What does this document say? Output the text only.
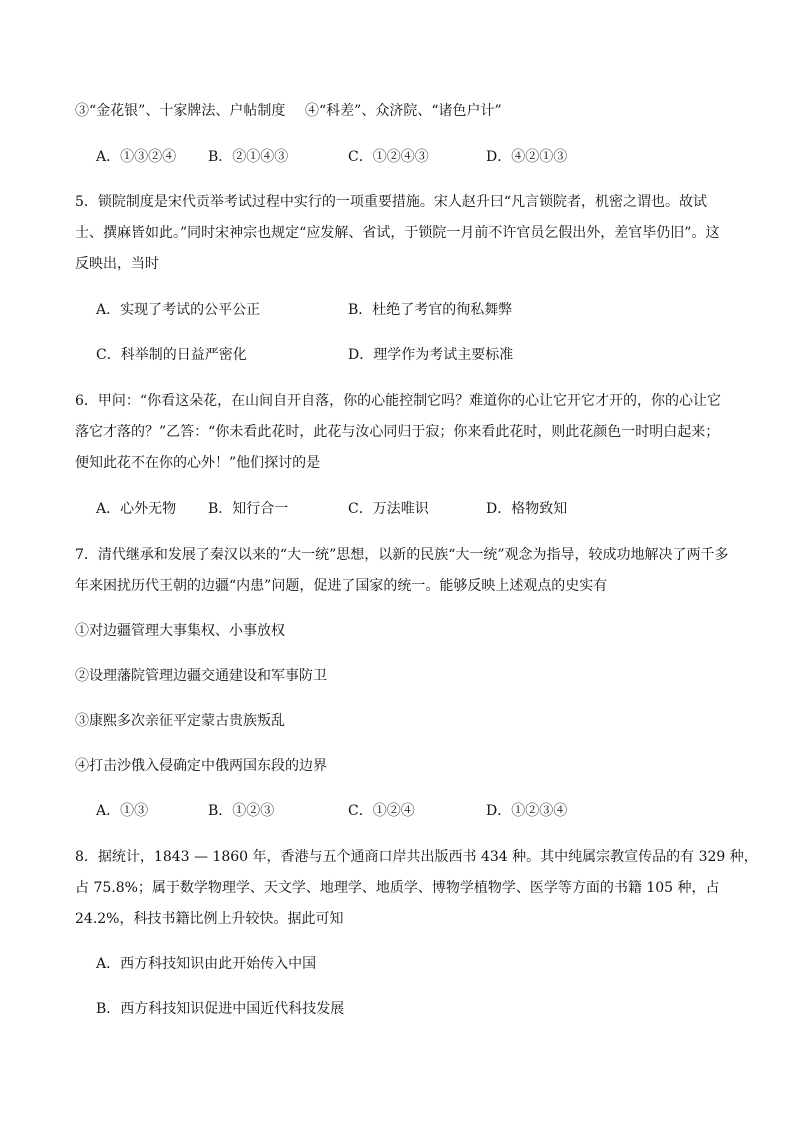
③“金花银”、十家牌法、户帖制度 ④“科差”、众济院、“诸色户计”
A．①③②④ B．②①④③	C．①②④③	D．④②①③
5．锁院制度是宋代贡举考试过程中实行的一项重要措施。宋人赵升曰“凡言锁院者，机密之谓也。故试
士、撰麻皆如此。”同时宋神宗也规定“应发解、省试，于锁院一月前不许官员乞假出外，差官毕仍旧”。这
反映出，当时
A．实现了考试的公平公正	B．杜绝了考官的徇私舞弊
C．科举制的日益严密化	D．理学作为考试主要标准
6．甲问：“你看这朵花，在山间自开自落，你的心能控制它吗？难道你的心让它开它才开的，你的心让它
落它才落的？”乙答：“你未看此花时，此花与汝心同归于寂；你来看此花时，则此花颜色一时明白起来；
便知此花不在你的心外！”他们探讨的是
A．心外无物 B．知行合一	C．万法唯识	D．格物致知
7．清代继承和发展了秦汉以来的“大一统”思想，以新的民族“大一统”观念为指导，较成功地解决了两千多
年来困扰历代王朝的边疆“内患”问题，促进了国家的统一。能够反映上述观点的史实有
①对边疆管理大事集权、小事放权
②设理藩院管理边疆交通建设和军事防卫
③康熙多次亲征平定蒙古贵族叛乱
④打击沙俄入侵确定中俄两国东段的边界
A．①③	B．①②③	C．①②④	D．①②③④
8．据统计，1843 — 1860 年，香港与五个通商口岸共出版西书 434 种。其中纯属宗教宣传品的有 329 种，
占 75.8%；属于数学物理学、天文学、地理学、地质学、博物学植物学、医学等方面的书籍 105 种，占
24.2%，科技书籍比例上升较快。据此可知
A．西方科技知识由此开始传入中国
B．西方科技知识促进中国近代科技发展
